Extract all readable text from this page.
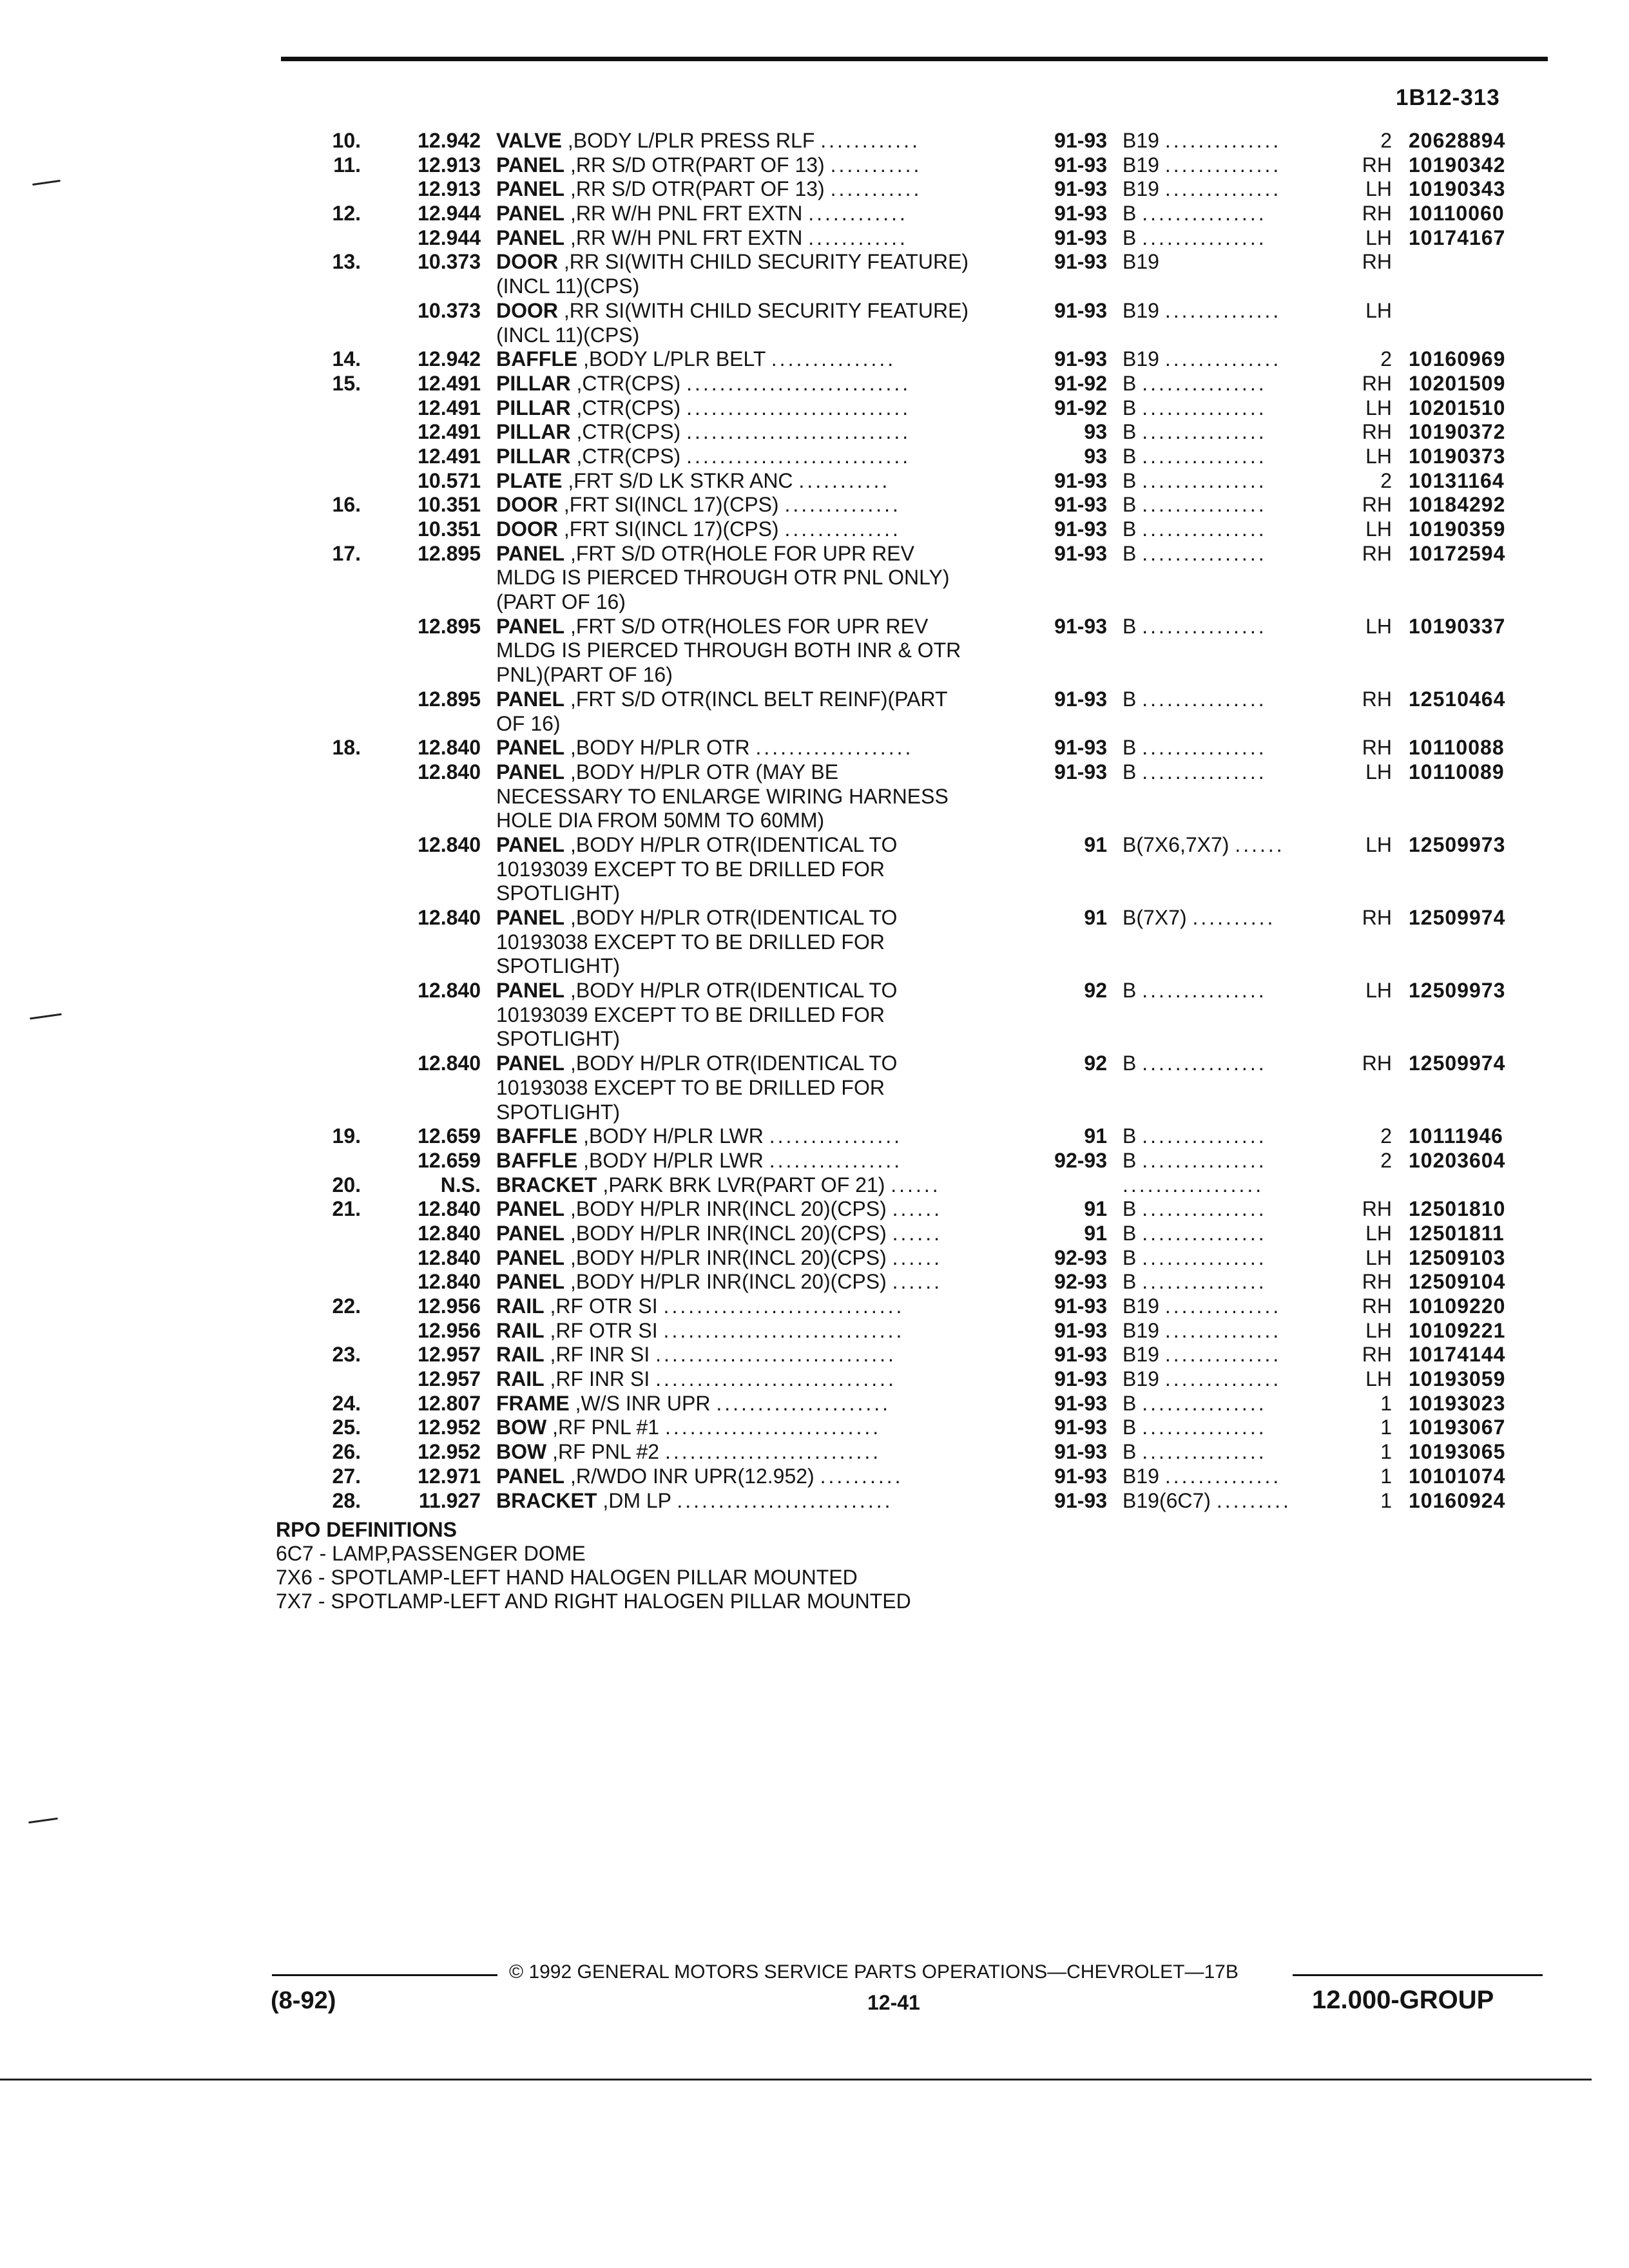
1B12-313
10.	12.942 VALVE ,BODY L/PLR PRESS RLF ............	91-93 B19 ..............	2 20628894
11.	12.913 PANEL ,RR S/D OTR(PART OF 13) ...........	91-93 B19 ..............	RH 10190342
12.913 PANEL ,RR S/D OTR(PART OF 13) ...........	91-93 B19 ..............	LH 10190343
12.	12.944 PANEL ,RR W/H PNL FRT EXTN ............	91-93 B ...............	RH 10110060
12.944 PANEL ,RR W/H PNL FRT EXTN ............	91-93 B ...............	LH 10174167
13.	10.373 DOOR ,RR SI(WITH CHILD SECURITY FEATURE)	91-93 B19	RH
(INCL 11)(CPS)
10.373 DOOR ,RR SI(WITH CHILD SECURITY FEATURE)	91-93 B19 ..............	LH
(INCL 11)(CPS)
14.	12.942 BAFFLE ,BODY L/PLR BELT ...............	91-93 B19 ..............	2 10160969
15.	12.491 PILLAR ,CTR(CPS) ...........................	91-92 B ...............	RH 10201509
12.491 PILLAR ,CTR(CPS) ...........................	91-92 B ...............	LH 10201510
12.491 PILLAR ,CTR(CPS) ...........................	93 B ...............	RH 10190372
12.491 PILLAR ,CTR(CPS) ...........................	93 B ...............	LH 10190373
10.571 PLATE ,FRT S/D LK STKR ANC ...........	91-93 B ...............	2 10131164
16.	10.351 DOOR ,FRT SI(INCL 17)(CPS) ..............	91-93 B ...............	RH 10184292
10.351 DOOR ,FRT SI(INCL 17)(CPS) ..............	91-93 B ...............	LH 10190359
17.	12.895 PANEL ,FRT S/D OTR(HOLE FOR UPR REV	91-93 B ...............	RH 10172594
MLDG IS PIERCED THROUGH OTR PNL ONLY)
(PART OF 16)
12.895 PANEL ,FRT S/D OTR(HOLES FOR UPR REV	91-93 B ...............	LH 10190337
MLDG IS PIERCED THROUGH BOTH INR & OTR
PNL)(PART OF 16)
12.895 PANEL ,FRT S/D OTR(INCL BELT REINF)(PART	91-93 B ...............	RH 12510464
OF 16)
18.	12.840 PANEL ,BODY H/PLR OTR ...................	91-93 B ...............	RH 10110088
12.840 PANEL ,BODY H/PLR OTR (MAY BE	91-93 B ...............	LH 10110089
NECESSARY TO ENLARGE WIRING HARNESS
HOLE DIA FROM 50MM TO 60MM)
12.840 PANEL ,BODY H/PLR OTR(IDENTICAL TO	91 B(7X6,7X7) ......	LH 12509973
10193039 EXCEPT TO BE DRILLED FOR
SPOTLIGHT)
12.840 PANEL ,BODY H/PLR OTR(IDENTICAL TO	91 B(7X7) ..........	RH 12509974
10193038 EXCEPT TO BE DRILLED FOR
SPOTLIGHT)
12.840 PANEL ,BODY H/PLR OTR(IDENTICAL TO	92 B ...............	LH 12509973
10193039 EXCEPT TO BE DRILLED FOR
SPOTLIGHT)
12.840 PANEL ,BODY H/PLR OTR(IDENTICAL TO	92 B ...............	RH 12509974
10193038 EXCEPT TO BE DRILLED FOR
SPOTLIGHT)
19.	12.659 BAFFLE ,BODY H/PLR LWR ................	91 B ...............	2 10111946
12.659 BAFFLE ,BODY H/PLR LWR ................	92-93 B ...............	2 10203604
20.	N.S. BRACKET ,PARK BRK LVR(PART OF 21) ......	.................
21.	12.840 PANEL ,BODY H/PLR INR(INCL 20)(CPS) ......	91 B ...............	RH 12501810
12.840 PANEL ,BODY H/PLR INR(INCL 20)(CPS) ......	91 B ...............	LH 12501811
12.840 PANEL ,BODY H/PLR INR(INCL 20)(CPS) ......	92-93 B ...............	LH 12509103
12.840 PANEL ,BODY H/PLR INR(INCL 20)(CPS) ......	92-93 B ...............	RH 12509104
22.	12.956 RAIL ,RF OTR SI .............................	91-93 B19 ..............	RH 10109220
12.956 RAIL ,RF OTR SI .............................	91-93 B19 ..............	LH 10109221
23.	12.957 RAIL ,RF INR SI .............................	91-93 B19 ..............	RH 10174144
12.957 RAIL ,RF INR SI .............................	91-93 B19 ..............	LH 10193059
24.	12.807 FRAME ,W/S INR UPR .....................	91-93 B ...............	1 10193023
25.	12.952 BOW ,RF PNL #1 ..........................	91-93 B ...............	1 10193067
26.	12.952 BOW ,RF PNL #2 ..........................	91-93 B ...............	1 10193065
27.	12.971 PANEL ,R/WDO INR UPR(12.952) ..........	91-93 B19 ..............	1 10101074
28.	11.927 BRACKET ,DM LP ..........................	91-93 B19(6C7) .........	1 10160924
RPO DEFINITIONS
6C7 - LAMP,PASSENGER DOME
7X6 - SPOTLAMP-LEFT HAND HALOGEN PILLAR MOUNTED
7X7 - SPOTLAMP-LEFT AND RIGHT HALOGEN PILLAR MOUNTED
© 1992 GENERAL MOTORS SERVICE PARTS OPERATIONS—CHEVROLET—17B
(8-92)	12-41	12.000-GROUP
